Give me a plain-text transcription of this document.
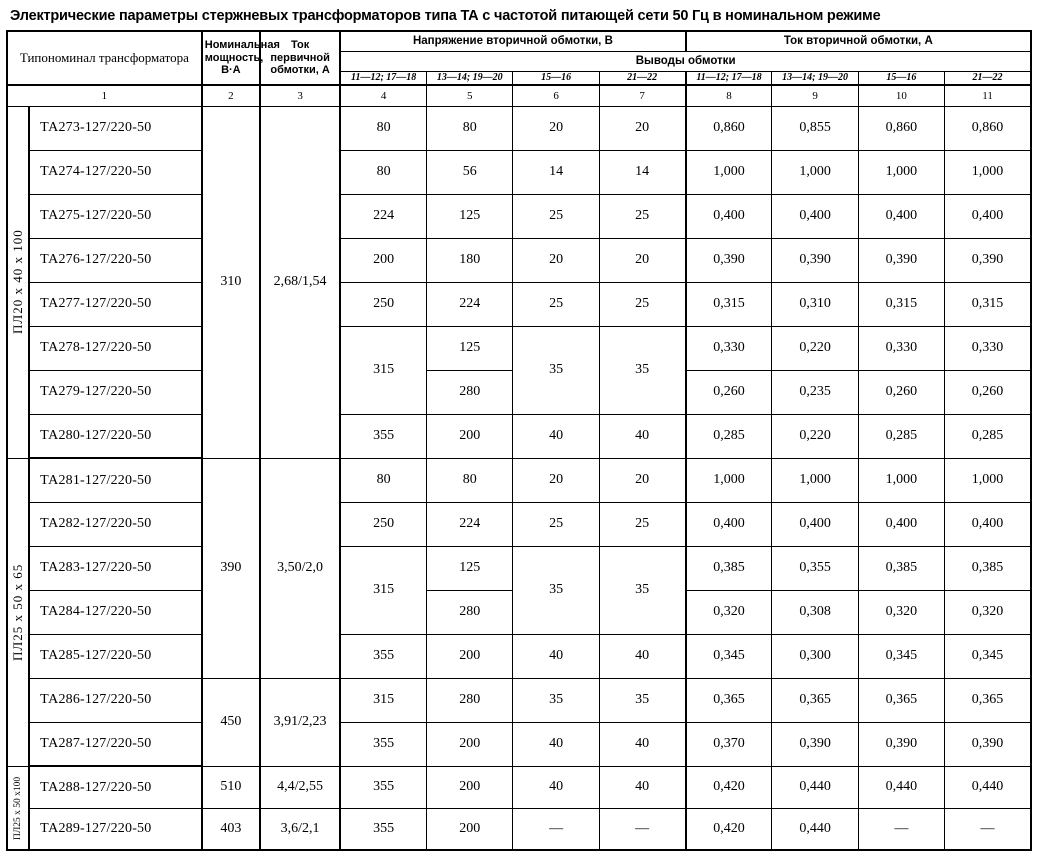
Электрические параметры стержневых трансформаторов типа ТА с частотой питающей сети 50 Гц в номинальном режиме
Типономинал трансформатора		Номинальная мощность, В·А	Ток первичной обмотки, А	Напряжение вторичной обмотки, В				Ток вторичной обмотки, А			
				Выводы обмотки							
				11—12; 17—18	13—14; 19—20	15—16	21—22	11—12; 17—18	13—14; 19—20	15—16	21—22
1		2	3	4	5	6	7	8	9	10	11
ПЛ20 х 40 х 100	ТА273-127/220-50	310	2,68/1,54	80	80	20	20	0,860	0,855	0,860	0,860
	ТА274-127/220-50			80	56	14	14	1,000	1,000	1,000	1,000
	ТА275-127/220-50			224	125	25	25	0,400	0,400	0,400	0,400
	ТА276-127/220-50			200	180	20	20	0,390	0,390	0,390	0,390
	ТА277-127/220-50			250	224	25	25	0,315	0,310	0,315	0,315
	ТА278-127/220-50			315	125	35	35	0,330	0,220	0,330	0,330
	ТА279-127/220-50				280			0,260	0,235	0,260	0,260
	ТА280-127/220-50			355	200	40	40	0,285	0,220	0,285	0,285
ПЛ25 х 50 х 65	ТА281-127/220-50	390	3,50/2,0	80	80	20	20	1,000	1,000	1,000	1,000
	ТА282-127/220-50			250	224	25	25	0,400	0,400	0,400	0,400
	ТА283-127/220-50			315	125	35	35	0,385	0,355	0,385	0,385
	ТА284-127/220-50				280			0,320	0,308	0,320	0,320
	ТА285-127/220-50			355	200	40	40	0,345	0,300	0,345	0,345
	ТА286-127/220-50	450	3,91/2,23	315	280	35	35	0,365	0,365	0,365	0,365
	ТА287-127/220-50			355	200	40	40	0,370	0,390	0,390	0,390
ПЛ25 х 50 х100	ТА288-127/220-50	510	4,4/2,55	355	200	40	40	0,420	0,440	0,440	0,440
	ТА289-127/220-50	403	3,6/2,1	355	200	—	—	0,420	0,440	—	—
